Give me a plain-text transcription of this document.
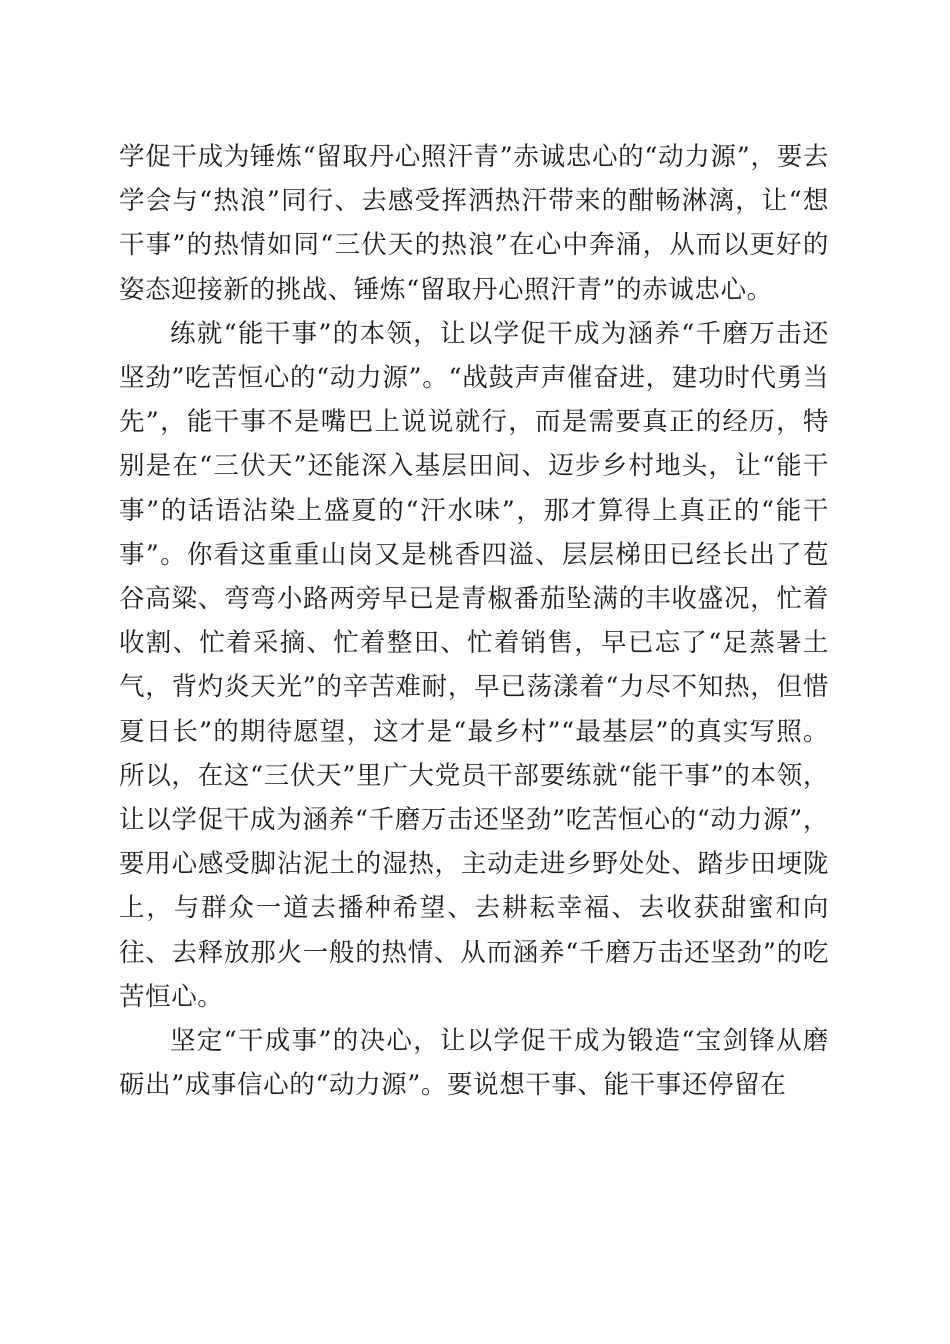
学促干成为锤炼“留取丹心照汗青”赤诚忠心的“动力源”，要去学会与“热浪”同行、去感受挥洒热汗带来的酣畅淋漓，让“想干事”的热情如同“三伏天的热浪”在心中奔涌，从而以更好的姿态迎接新的挑战、锤炼“留取丹心照汗青”的赤诚忠心。

练就“能干事”的本领，让以学促干成为涵养“千磨万击还坚劲”吃苦恒心的“动力源”。“战鼓声声催奋进，建功时代勇当先”，能干事不是嘴巴上说说就行，而是需要真正的经历，特别是在“三伏天”还能深入基层田间、迈步乡村地头，让“能干事”的话语沾染上盛夏的“汗水味”，那才算得上真正的“能干事”。你看这重重山岗又是桃香四溢、层层梯田已经长出了苞谷高粱、弯弯小路两旁早已是青椒番茄坠满的丰收盛况，忙着收割、忙着采摘、忙着整田、忙着销售，早已忘了“足蒸暑土气，背灼炎天光”的辛苦难耐，早已荡漾着“力尽不知热，但惜夏日长”的期待愿望，这才是“最乡村”“最基层”的真实写照。所以，在这“三伏天”里广大党员干部要练就“能干事”的本领，让以学促干成为涵养“千磨万击还坚劲”吃苦恒心的“动力源”，要用心感受脚沾泥土的湿热，主动走进乡野处处、踏步田埂陇上，与群众一道去播种希望、去耕耘幸福、去收获甜蜜和向往、去释放那火一般的热情、从而涵养“千磨万击还坚劲”的吃苦恒心。

坚定“干成事”的决心，让以学促干成为锻造“宝剑锋从磨砺出”成事信心的“动力源”。要说想干事、能干事还停留在
